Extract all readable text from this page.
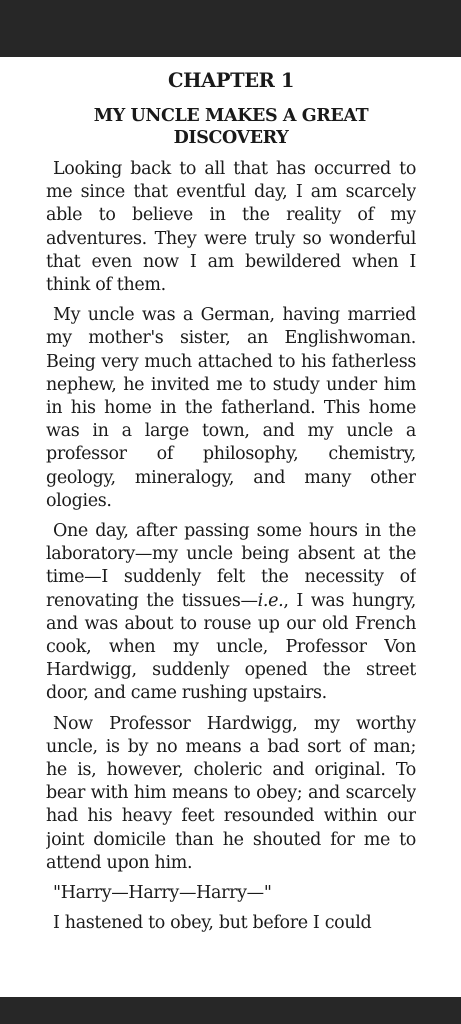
CHAPTER 1
MY UNCLE MAKES A GREAT DISCOVERY

Looking back to all that has occurred to me since that eventful day, I am scarcely able to believe in the reality of my adventures. They were truly so wonderful that even now I am bewildered when I think of them.

My uncle was a German, having married my mother's sister, an Englishwoman. Being very much attached to his fatherless nephew, he invited me to study under him in his home in the fatherland. This home was in a large town, and my uncle a professor of philosophy, chemistry, geology, mineralogy, and many other ologies.

One day, after passing some hours in the laboratory—my uncle being absent at the time—I suddenly felt the necessity of renovating the tissues—i.e., I was hungry, and was about to rouse up our old French cook, when my uncle, Professor Von Hardwigg, suddenly opened the street door, and came rushing upstairs.

Now Professor Hardwigg, my worthy uncle, is by no means a bad sort of man; he is, however, choleric and original. To bear with him means to obey; and scarcely had his heavy feet resounded within our joint domicile than he shouted for me to attend upon him.

"Harry—Harry—Harry—"

I hastened to obey, but before I could
